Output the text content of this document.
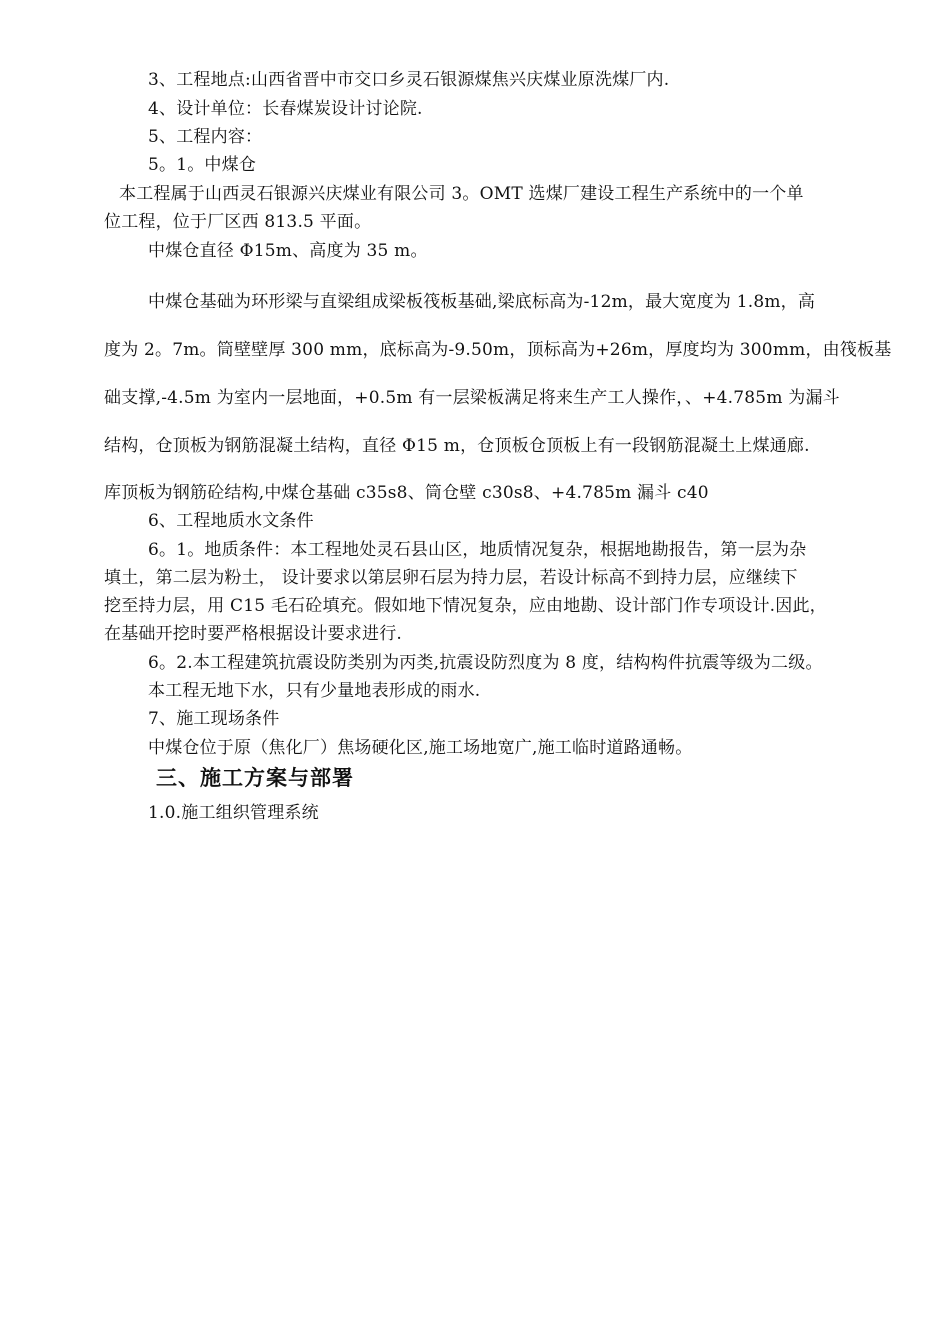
3、工程地点:山西省晋中市交口乡灵石银源煤焦兴庆煤业原洗煤厂内.
4、设计单位：长春煤炭设计讨论院.
5、工程内容：
5。1。中煤仓
本工程属于山西灵石银源兴庆煤业有限公司 3。OMT 选煤厂建设工程生产系统中的一个单
位工程，位于厂区西 813.5 平面。
中煤仓直径 Φ15m、高度为 35 m。
中煤仓基础为环形梁与直梁组成梁板筏板基础,梁底标高为-12m，最大宽度为 1.8m，高
度为 2。7m。筒壁壁厚 300 mm，底标高为-9.50m，顶标高为+26m，厚度均为 300mm，由筏板基
础支撑,-4.5m 为室内一层地面，+0.5m 有一层梁板满足将来生产工人操作，、+4.785m 为漏斗
结构，仓顶板为钢筋混凝土结构，直径 Φ15 m，仓顶板仓顶板上有一段钢筋混凝土上煤通廊.
库顶板为钢筋砼结构,中煤仓基础 c35s8、筒仓壁 c30s8、+4.785m 漏斗 c40
6、工程地质水文条件
6。1。地质条件：本工程地处灵石县山区，地质情况复杂，根据地勘报告，第一层为杂
填土，第二层为粉土， 设计要求以第层卵石层为持力层，若设计标高不到持力层，应继续下
挖至持力层，用 C15 毛石砼填充。假如地下情况复杂，应由地勘、设计部门作专项设计.因此，
在基础开挖时要严格根据设计要求进行.
6。2.本工程建筑抗震设防类别为丙类,抗震设防烈度为 8 度，结构构件抗震等级为二级。
本工程无地下水，只有少量地表形成的雨水.
7、施工现场条件
中煤仓位于原（焦化厂）焦场硬化区,施工场地宽广,施工临时道路通畅。
三、施工方案与部署
1.0.施工组织管理系统
